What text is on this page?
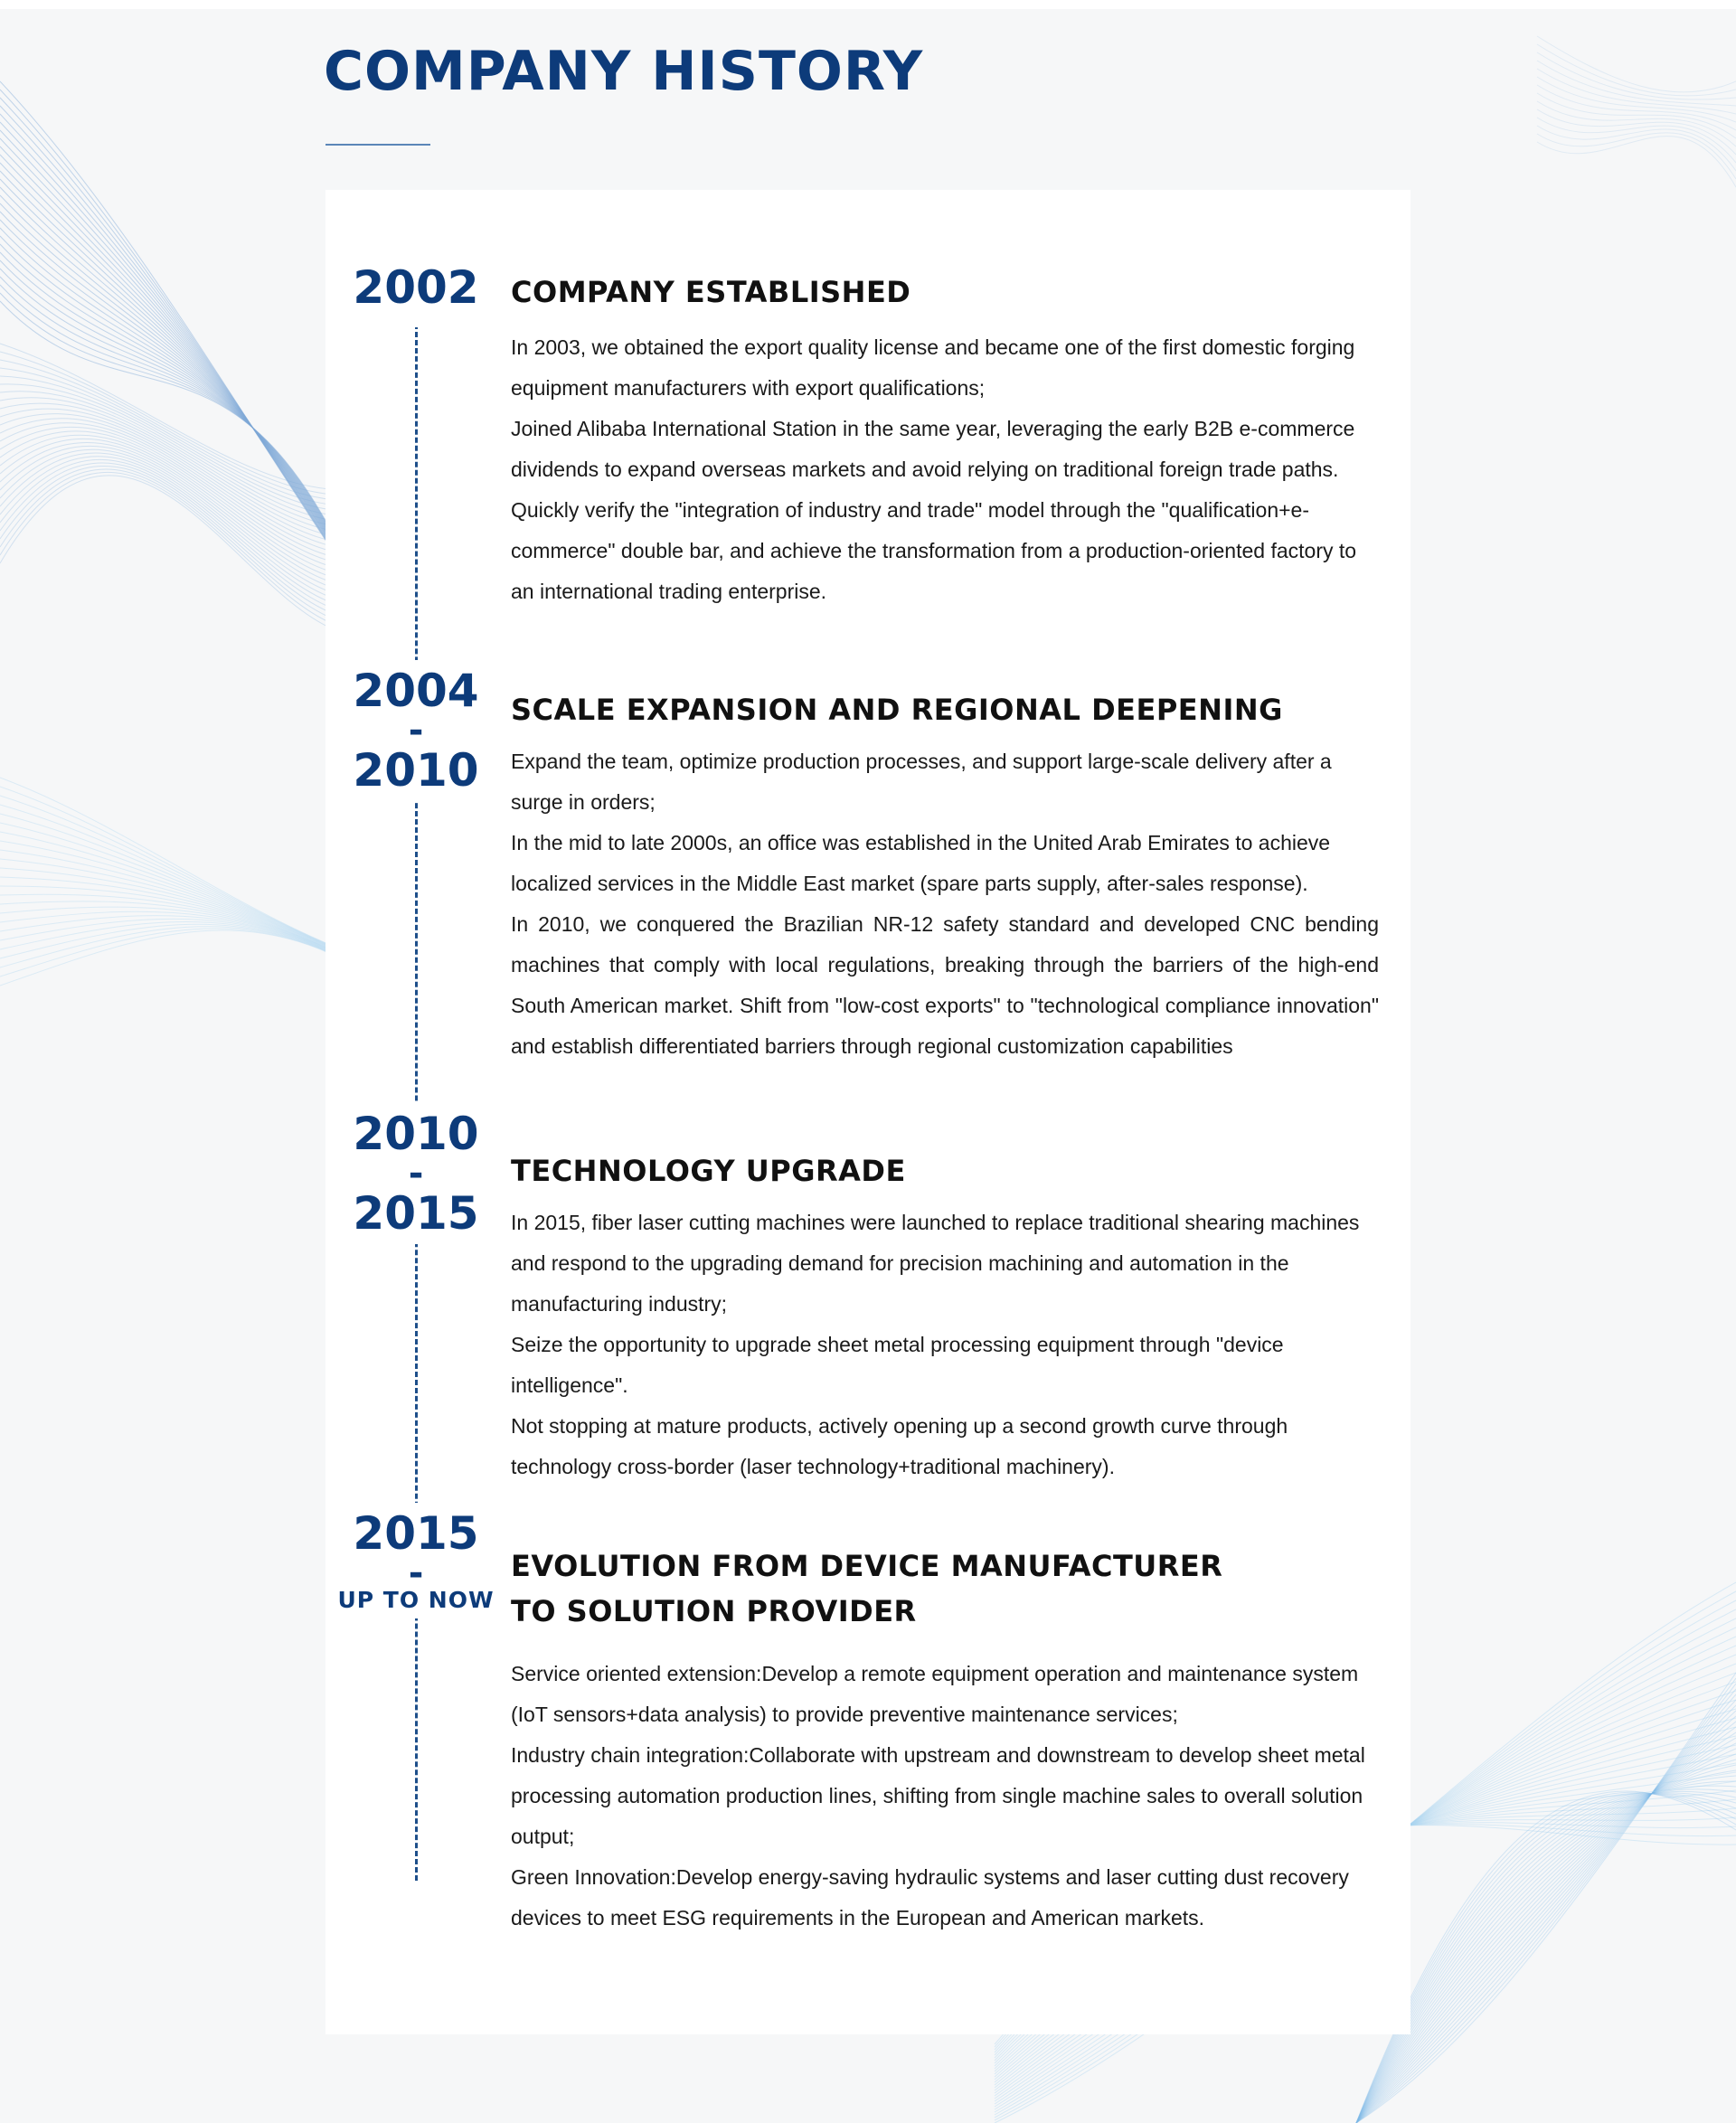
COMPANY HISTORY
2002	COMPANY ESTABLISHED

In 2003, we obtained the export quality license and became one of the first domestic forging equipment manufacturers with export qualifications;

Joined Alibaba International Station in the same year, leveraging the early B2B e-commerce dividends to expand overseas markets and avoid relying on traditional foreign trade paths.

Quickly verify the "integration of industry and trade" model through the "qualification+e-commerce" double bar, and achieve the transformation from a production-oriented factory to an international trading enterprise.

2004
-
2010
SCALE EXPANSION AND REGIONAL DEEPENING

Expand the team, optimize production processes, and support large-scale delivery after a surge in orders;

In the mid to late 2000s, an office was established in the United Arab Emirates to achieve localized services in the Middle East market (spare parts supply, after-sales response).

In 2010, we conquered the Brazilian NR-12 safety standard and developed CNC bending machines that comply with local regulations, breaking through the barriers of the high-end South American market. Shift from "low-cost exports" to "technological compliance innovation" and establish differentiated barriers through regional customization capabilities

2010
-
2015
TECHNOLOGY UPGRADE

In 2015, fiber laser cutting machines were launched to replace traditional shearing machines and respond to the upgrading demand for precision machining and automation in the manufacturing industry;

Seize the opportunity to upgrade sheet metal processing equipment through "device intelligence".

Not stopping at mature products, actively opening up a second growth curve through technology cross-border (laser technology+traditional machinery).

2015
-
UP TO NOW
EVOLUTION FROM DEVICE MANUFACTURER
TO SOLUTION PROVIDER

Service oriented extension:Develop a remote equipment operation and maintenance system (IoT sensors+data analysis) to provide preventive maintenance services;

Industry chain integration:Collaborate with upstream and downstream to develop sheet metal processing automation production lines, shifting from single machine sales to overall solution output;

Green Innovation:Develop energy-saving hydraulic systems and laser cutting dust recovery devices to meet ESG requirements in the European and American markets.
